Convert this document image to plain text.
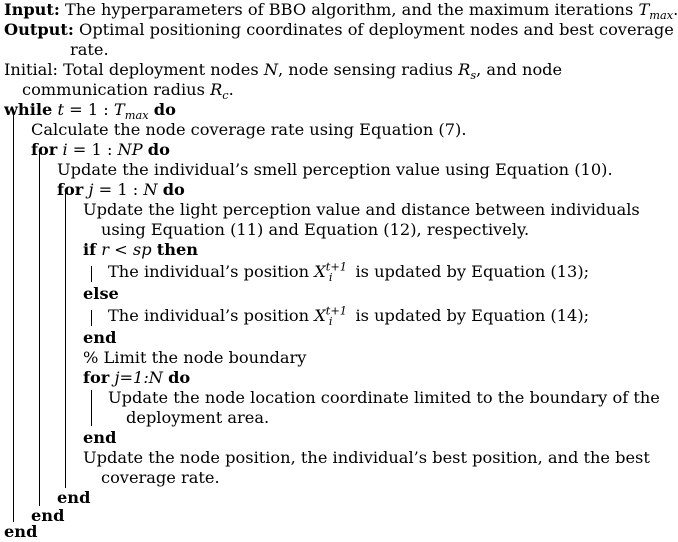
Input: The hyperparameters of BBO algorithm, and the maximum iterations $T_{max}$.
Output: Optimal positioning coordinates of deployment nodes and best coverage
rate.
Initial: Total deployment nodes N, node sensing radius $R_s$, and node
communication radius $R_c$.
while t = 1 : $T_{max}$ do
Calculate the node coverage rate using Equation (7).
for i = 1 : NP do
Update the individual’s smell perception value using Equation (10).
for j = 1 : N do
Update the light perception value and distance between individuals
using Equation (11) and Equation (12), respectively.
if r < sp then
The individual’s position $X^{t+1}_i$ is updated by Equation (13);
else
The individual’s position $X^{t+1}_i$ is updated by Equation (14);
end
% Limit the node boundary
for j=1:N do
Update the node location coordinate limited to the boundary of the
deployment area.
end
Update the node position, the individual’s best position, and the best
coverage rate.
end
end
end
